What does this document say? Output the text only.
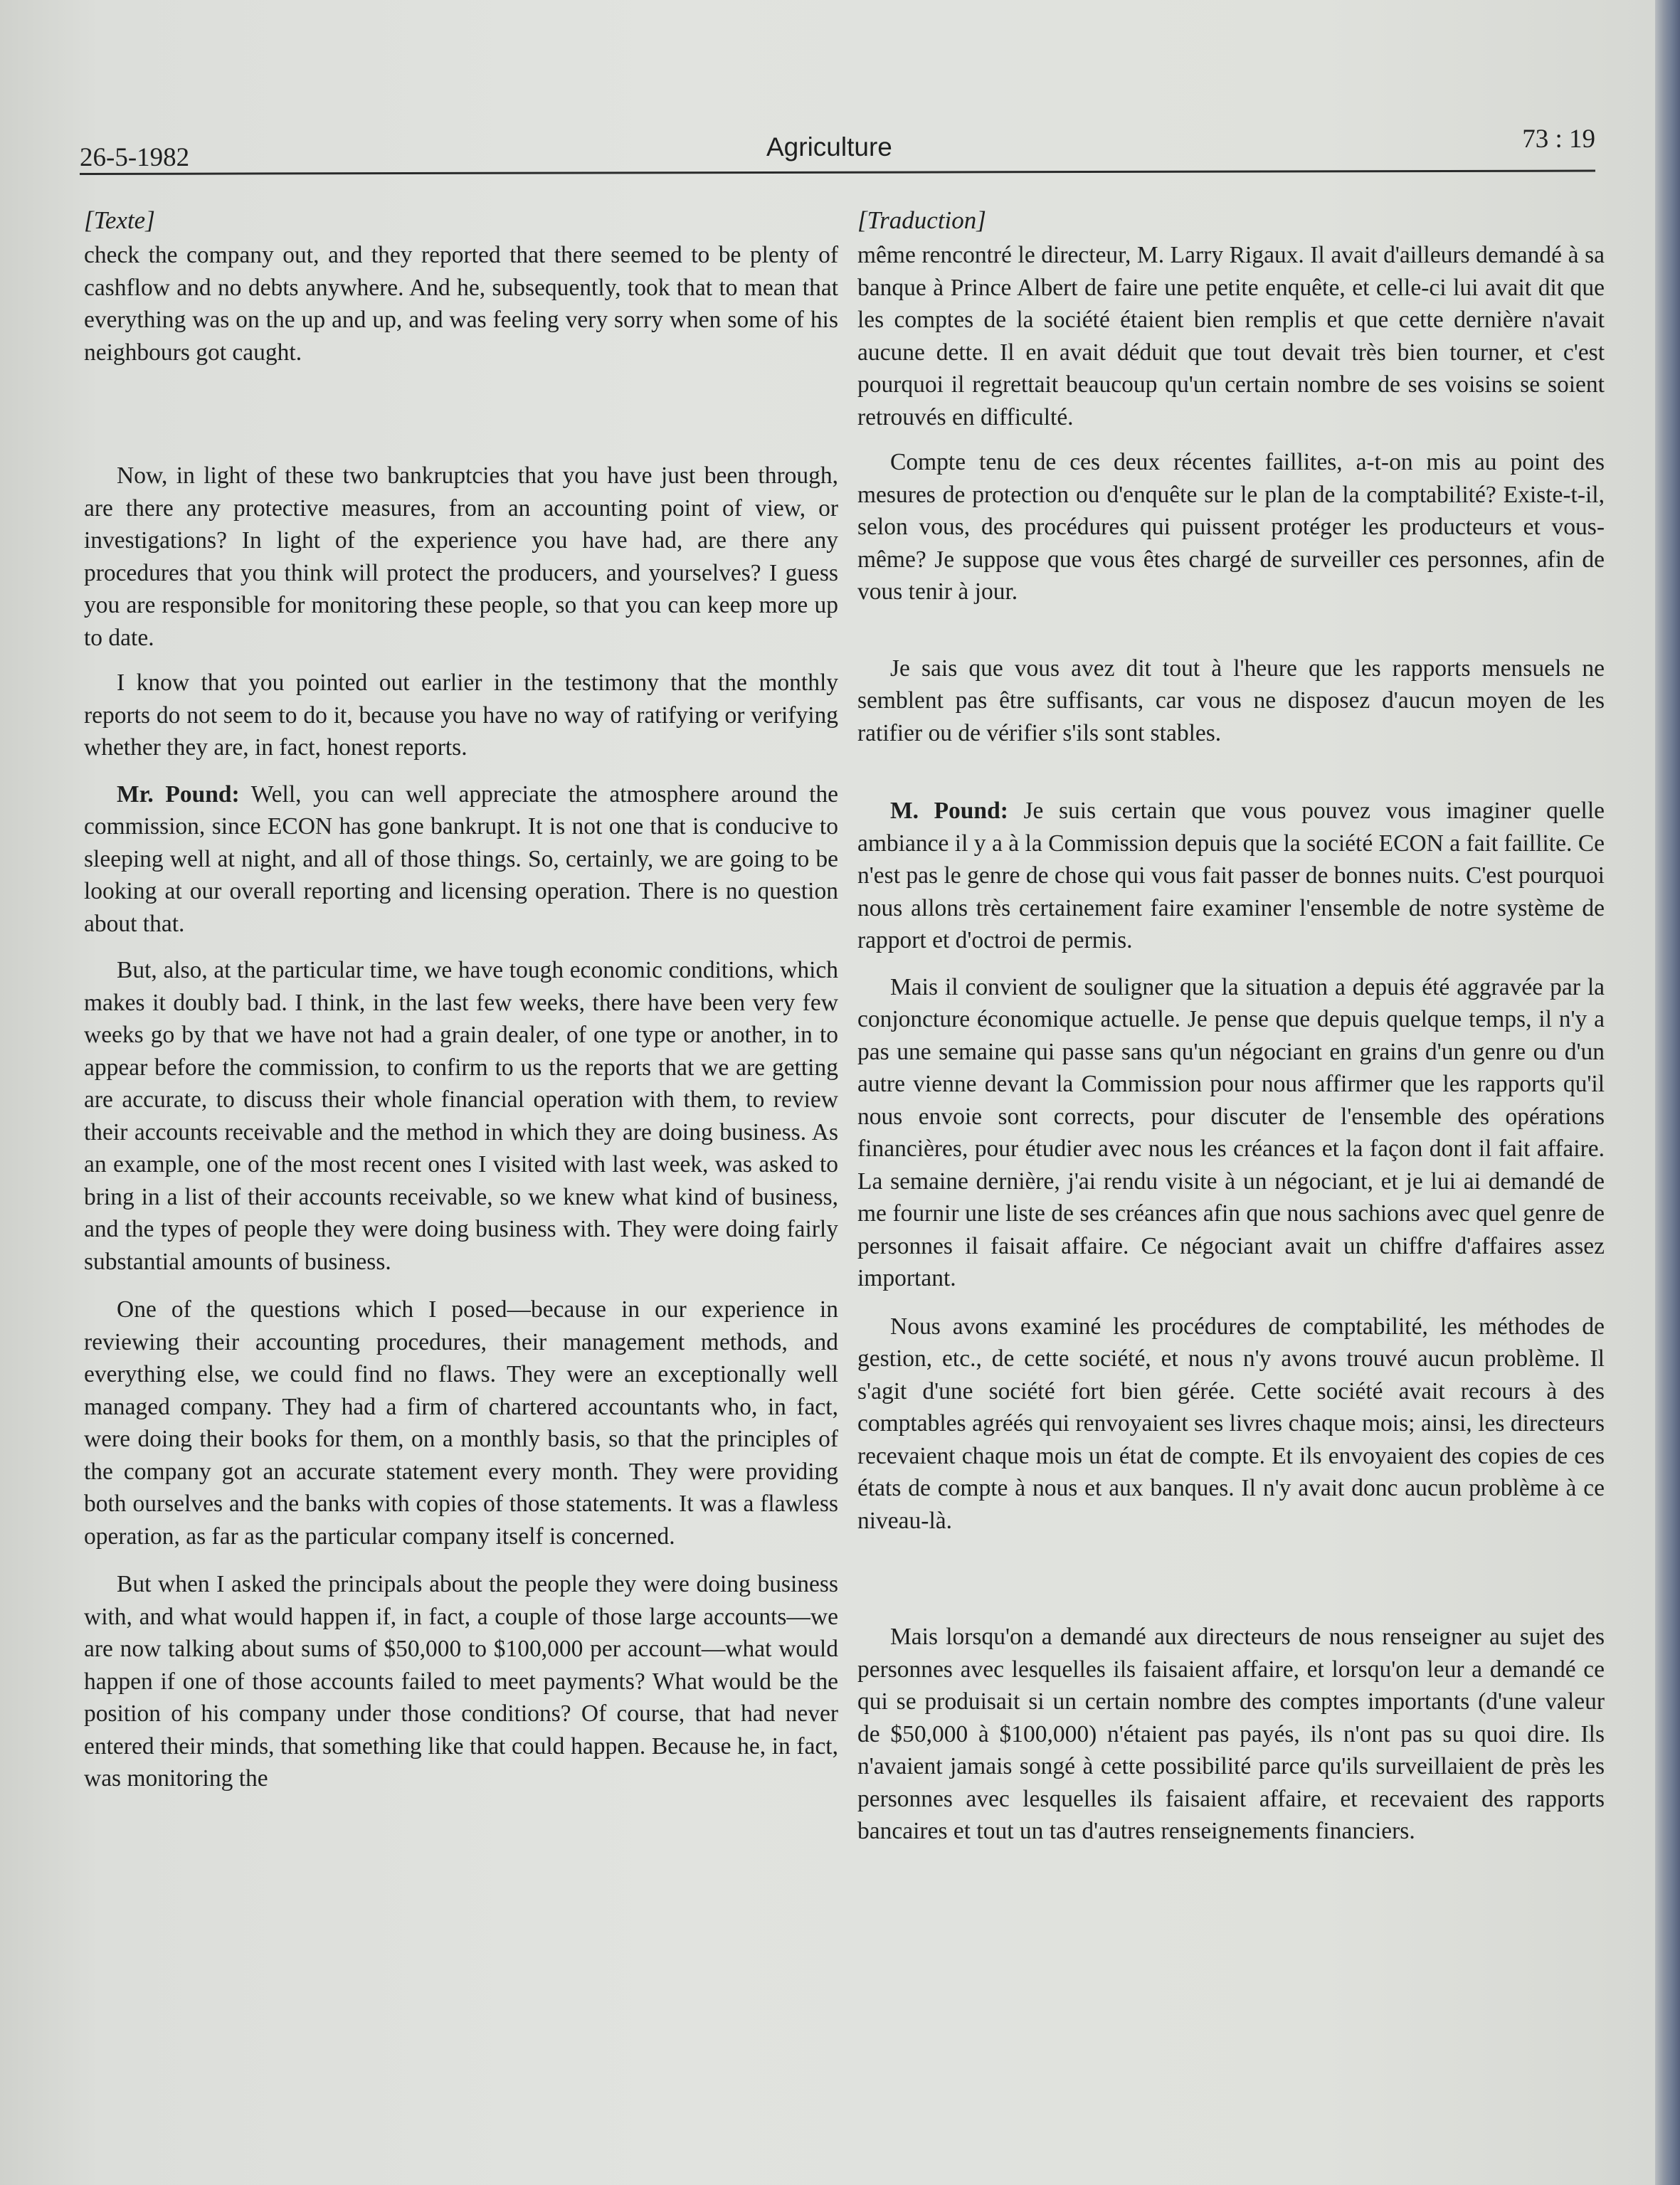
26-5-1982	Agriculture	73 : 19
[Texte]

check the company out, and they reported that there seemed to be plenty of cashflow and no debts anywhere. And he, subsequently, took that to mean that everything was on the up and up, and was feeling very sorry when some of his neighbours got caught.

Now, in light of these two bankruptcies that you have just been through, are there any protective measures, from an accounting point of view, or investigations? In light of the experience you have had, are there any procedures that you think will protect the producers, and yourselves? I guess you are responsible for monitoring these people, so that you can keep more up to date.

I know that you pointed out earlier in the testimony that the monthly reports do not seem to do it, because you have no way of ratifying or verifying whether they are, in fact, honest reports.

Mr. Pound: Well, you can well appreciate the atmosphere around the commission, since ECON has gone bankrupt. It is not one that is conducive to sleeping well at night, and all of those things. So, certainly, we are going to be looking at our overall reporting and licensing operation. There is no question about that.

But, also, at the particular time, we have tough economic conditions, which makes it doubly bad. I think, in the last few weeks, there have been very few weeks go by that we have not had a grain dealer, of one type or another, in to appear before the commission, to confirm to us the reports that we are getting are accurate, to discuss their whole financial operation with them, to review their accounts receivable and the method in which they are doing business. As an example, one of the most recent ones I visited with last week, was asked to bring in a list of their accounts receivable, so we knew what kind of business, and the types of people they were doing business with. They were doing fairly substantial amounts of business.

One of the questions which I posed—because in our experience in reviewing their accounting procedures, their management methods, and everything else, we could find no flaws. They were an exceptionally well managed company. They had a firm of chartered accountants who, in fact, were doing their books for them, on a monthly basis, so that the principles of the company got an accurate statement every month. They were providing both ourselves and the banks with copies of those statements. It was a flawless operation, as far as the particular company itself is concerned.

But when I asked the principals about the people they were doing business with, and what would happen if, in fact, a couple of those large accounts—we are now talking about sums of $50,000 to $100,000 per account—what would happen if one of those accounts failed to meet payments? What would be the position of his company under those conditions? Of course, that had never entered their minds, that something like that could happen. Because he, in fact, was monitoring the

[Traduction]

même rencontré le directeur, M. Larry Rigaux. Il avait d'ailleurs demandé à sa banque à Prince Albert de faire une petite enquête, et celle-ci lui avait dit que les comptes de la société étaient bien remplis et que cette dernière n'avait aucune dette. Il en avait déduit que tout devait très bien tourner, et c'est pourquoi il regrettait beaucoup qu'un certain nombre de ses voisins se soient retrouvés en difficulté.

Compte tenu de ces deux récentes faillites, a-t-on mis au point des mesures de protection ou d'enquête sur le plan de la comptabilité? Existe-t-il, selon vous, des procédures qui puissent protéger les producteurs et vous-même? Je suppose que vous êtes chargé de surveiller ces personnes, afin de vous tenir à jour.

Je sais que vous avez dit tout à l'heure que les rapports mensuels ne semblent pas être suffisants, car vous ne disposez d'aucun moyen de les ratifier ou de vérifier s'ils sont stables.

M. Pound: Je suis certain que vous pouvez vous imaginer quelle ambiance il y a à la Commission depuis que la société ECON a fait faillite. Ce n'est pas le genre de chose qui vous fait passer de bonnes nuits. C'est pourquoi nous allons très certainement faire examiner l'ensemble de notre système de rapport et d'octroi de permis.

Mais il convient de souligner que la situation a depuis été aggravée par la conjoncture économique actuelle. Je pense que depuis quelque temps, il n'y a pas une semaine qui passe sans qu'un négociant en grains d'un genre ou d'un autre vienne devant la Commission pour nous affirmer que les rapports qu'il nous envoie sont corrects, pour discuter de l'ensemble des opérations financières, pour étudier avec nous les créances et la façon dont il fait affaire. La semaine dernière, j'ai rendu visite à un négociant, et je lui ai demandé de me fournir une liste de ses créances afin que nous sachions avec quel genre de personnes il faisait affaire. Ce négociant avait un chiffre d'affaires assez important.

Nous avons examiné les procédures de comptabilité, les méthodes de gestion, etc., de cette société, et nous n'y avons trouvé aucun problème. Il s'agit d'une société fort bien gérée. Cette société avait recours à des comptables agréés qui renvoyaient ses livres chaque mois; ainsi, les directeurs recevaient chaque mois un état de compte. Et ils envoyaient des copies de ces états de compte à nous et aux banques. Il n'y avait donc aucun problème à ce niveau-là.

Mais lorsqu'on a demandé aux directeurs de nous renseigner au sujet des personnes avec lesquelles ils faisaient affaire, et lorsqu'on leur a demandé ce qui se produisait si un certain nombre des comptes importants (d'une valeur de $50,000 à $100,000) n'étaient pas payés, ils n'ont pas su quoi dire. Ils n'avaient jamais songé à cette possibilité parce qu'ils surveillaient de près les personnes avec lesquelles ils faisaient affaire, et recevaient des rapports bancaires et tout un tas d'autres renseignements financiers.
